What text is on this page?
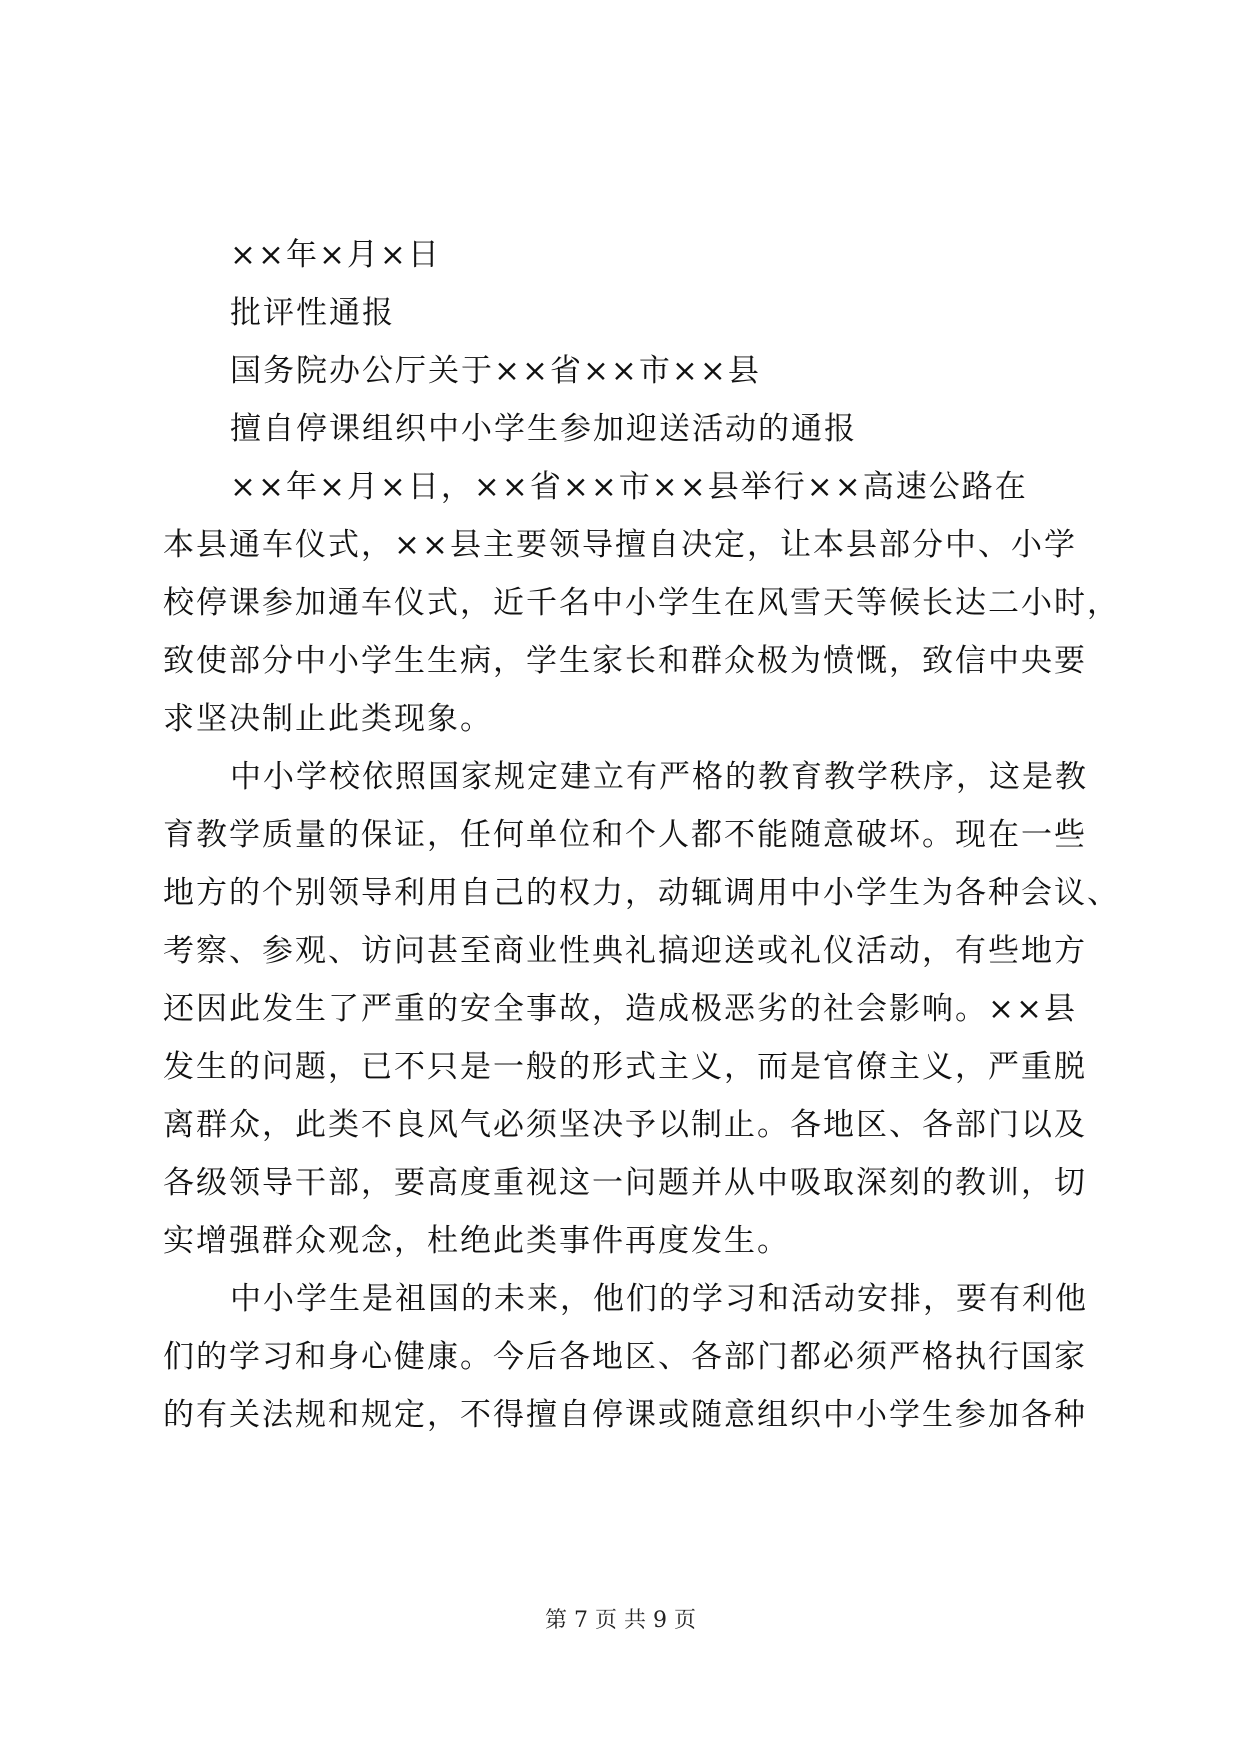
××年×月×日
批评性通报
国务院办公厅关于××省××市××县
擅自停课组织中小学生参加迎送活动的通报
××年×月×日，××省××市××县举行××高速公路在
本县通车仪式，××县主要领导擅自决定，让本县部分中、小学
校停课参加通车仪式，近千名中小学生在风雪天等候长达二小时，
致使部分中小学生生病，学生家长和群众极为愤慨，致信中央要
求坚决制止此类现象。
中小学校依照国家规定建立有严格的教育教学秩序，这是教
育教学质量的保证，任何单位和个人都不能随意破坏。现在一些
地方的个别领导利用自己的权力，动辄调用中小学生为各种会议、
考察、参观、访问甚至商业性典礼搞迎送或礼仪活动，有些地方
还因此发生了严重的安全事故，造成极恶劣的社会影响。××县
发生的问题，已不只是一般的形式主义，而是官僚主义，严重脱
离群众，此类不良风气必须坚决予以制止。各地区、各部门以及
各级领导干部，要高度重视这一问题并从中吸取深刻的教训，切
实增强群众观念，杜绝此类事件再度发生。
中小学生是祖国的未来，他们的学习和活动安排，要有利他
们的学习和身心健康。今后各地区、各部门都必须严格执行国家
的有关法规和规定，不得擅自停课或随意组织中小学生参加各种
第 7 页 共 9 页
